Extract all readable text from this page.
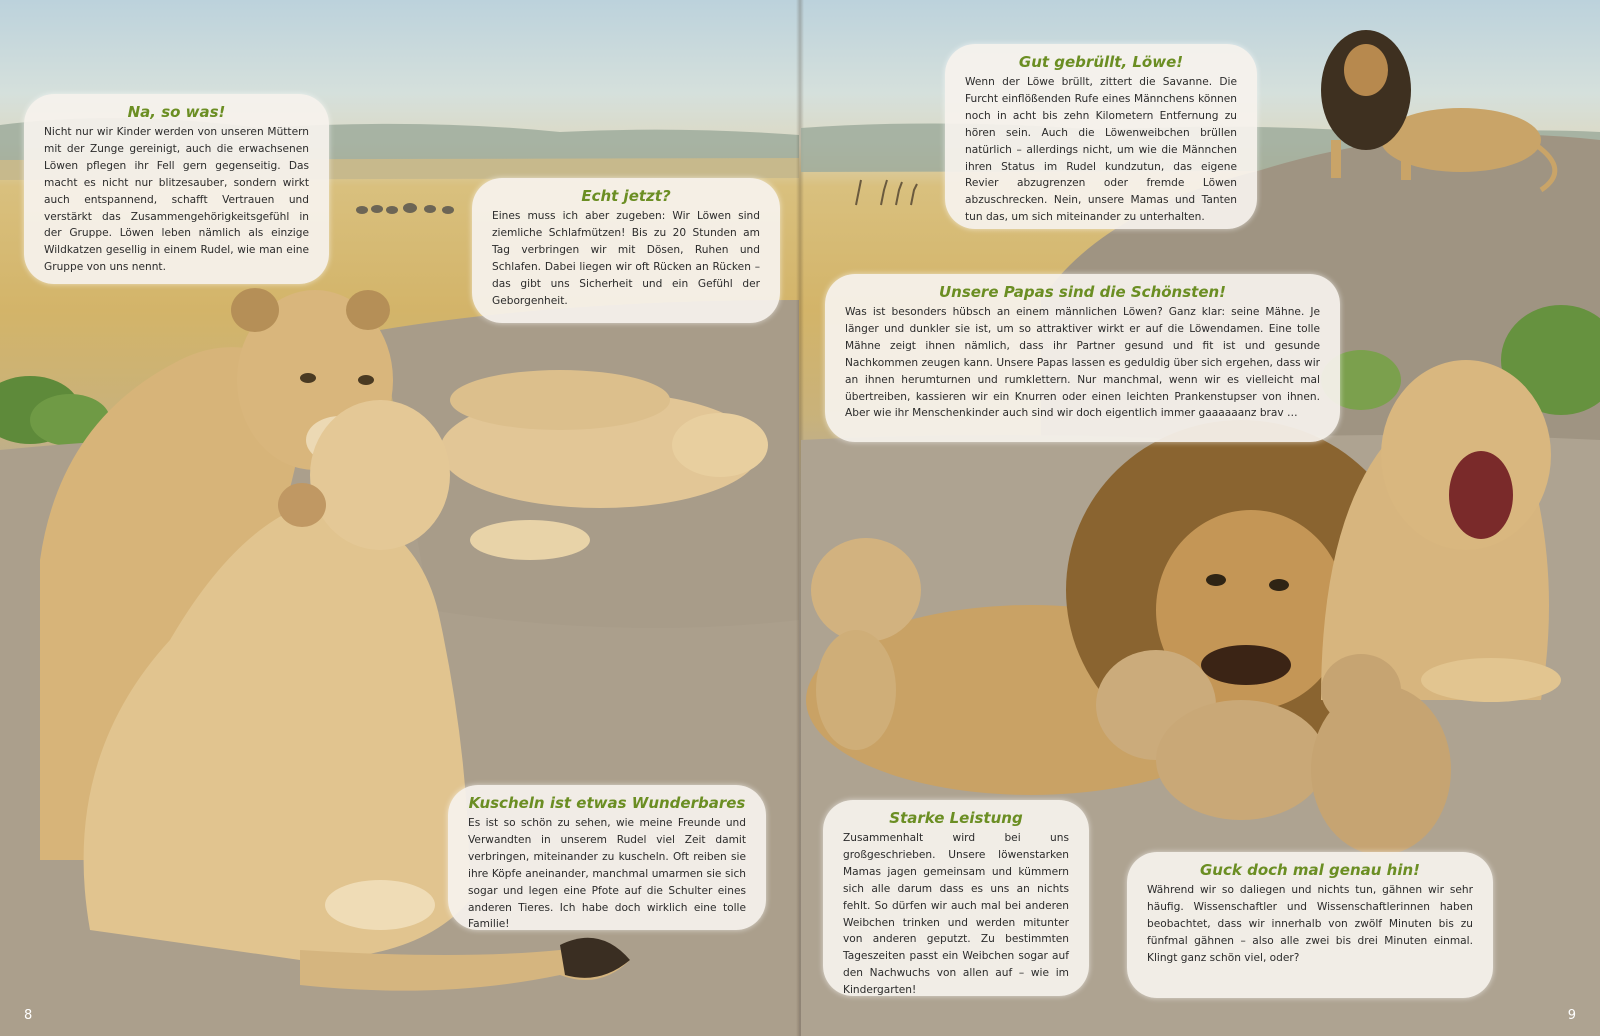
Na, so was!

Nicht nur wir Kinder werden von unseren Müttern mit der Zunge gereinigt, auch die erwachsenen Löwen pflegen ihr Fell gern gegenseitig. Das macht es nicht nur blitzesauber, sondern wirkt auch entspannend, schafft Vertrauen und verstärkt das Zusammengehörigkeitsgefühl in der Gruppe. Löwen leben nämlich als einzige Wildkatzen gesellig in einem Rudel, wie man eine Gruppe von uns nennt.

Echt jetzt?

Eines muss ich aber zugeben: Wir Löwen sind ziemliche Schlafmützen! Bis zu 20 Stunden am Tag verbringen wir mit Dösen, Ruhen und Schlafen. Dabei liegen wir oft Rücken an Rücken – das gibt uns Sicherheit und ein Gefühl der Geborgenheit.

Kuscheln ist etwas Wunderbares

Es ist so schön zu sehen, wie meine Freunde und Verwandten in unserem Rudel viel Zeit damit verbringen, miteinander zu kuscheln. Oft reiben sie ihre Köpfe aneinander, manchmal umarmen sie sich sogar und legen eine Pfote auf die Schulter eines anderen Tieres. Ich habe doch wirklich eine tolle Familie!

8
Gut gebrüllt, Löwe!

Wenn der Löwe brüllt, zittert die Savanne. Die Furcht einflößenden Rufe eines Männchens können noch in acht bis zehn Kilometern Entfernung zu hören sein. Auch die Löwenweibchen brüllen natürlich – allerdings nicht, um wie die Männchen ihren Status im Rudel kundzutun, das eigene Revier abzugrenzen oder fremde Löwen abzuschrecken. Nein, unsere Mamas und Tanten tun das, um sich miteinander zu unterhalten.

Unsere Papas sind die Schönsten!

Was ist besonders hübsch an einem männlichen Löwen? Ganz klar: seine Mähne. Je länger und dunkler sie ist, um so attraktiver wirkt er auf die Löwendamen. Eine tolle Mähne zeigt ihnen nämlich, dass ihr Partner gesund und fit ist und gesunde Nachkommen zeugen kann. Unsere Papas lassen es geduldig über sich ergehen, dass wir an ihnen herumturnen und rumklettern. Nur manchmal, wenn wir es vielleicht mal übertreiben, kassieren wir ein Knurren oder einen leichten Prankenstupser von ihnen. Aber wie ihr Menschenkinder auch sind wir doch eigentlich immer gaaaaaanz brav …

Starke Leistung

Zusammenhalt wird bei uns großgeschrieben. Unsere löwenstarken Mamas jagen gemeinsam und kümmern sich alle darum dass es uns an nichts fehlt. So dürfen wir auch mal bei anderen Weibchen trinken und werden mitunter von anderen geputzt. Zu bestimmten Tageszeiten passt ein Weibchen sogar auf den Nachwuchs von allen auf – wie im Kindergarten!

Guck doch mal genau hin!

Während wir so daliegen und nichts tun, gähnen wir sehr häufig. Wissenschaftler und Wissenschaftlerinnen haben beobachtet, dass wir innerhalb von zwölf Minuten bis zu fünfmal gähnen – also alle zwei bis drei Minuten einmal. Klingt ganz schön viel, oder?

9
